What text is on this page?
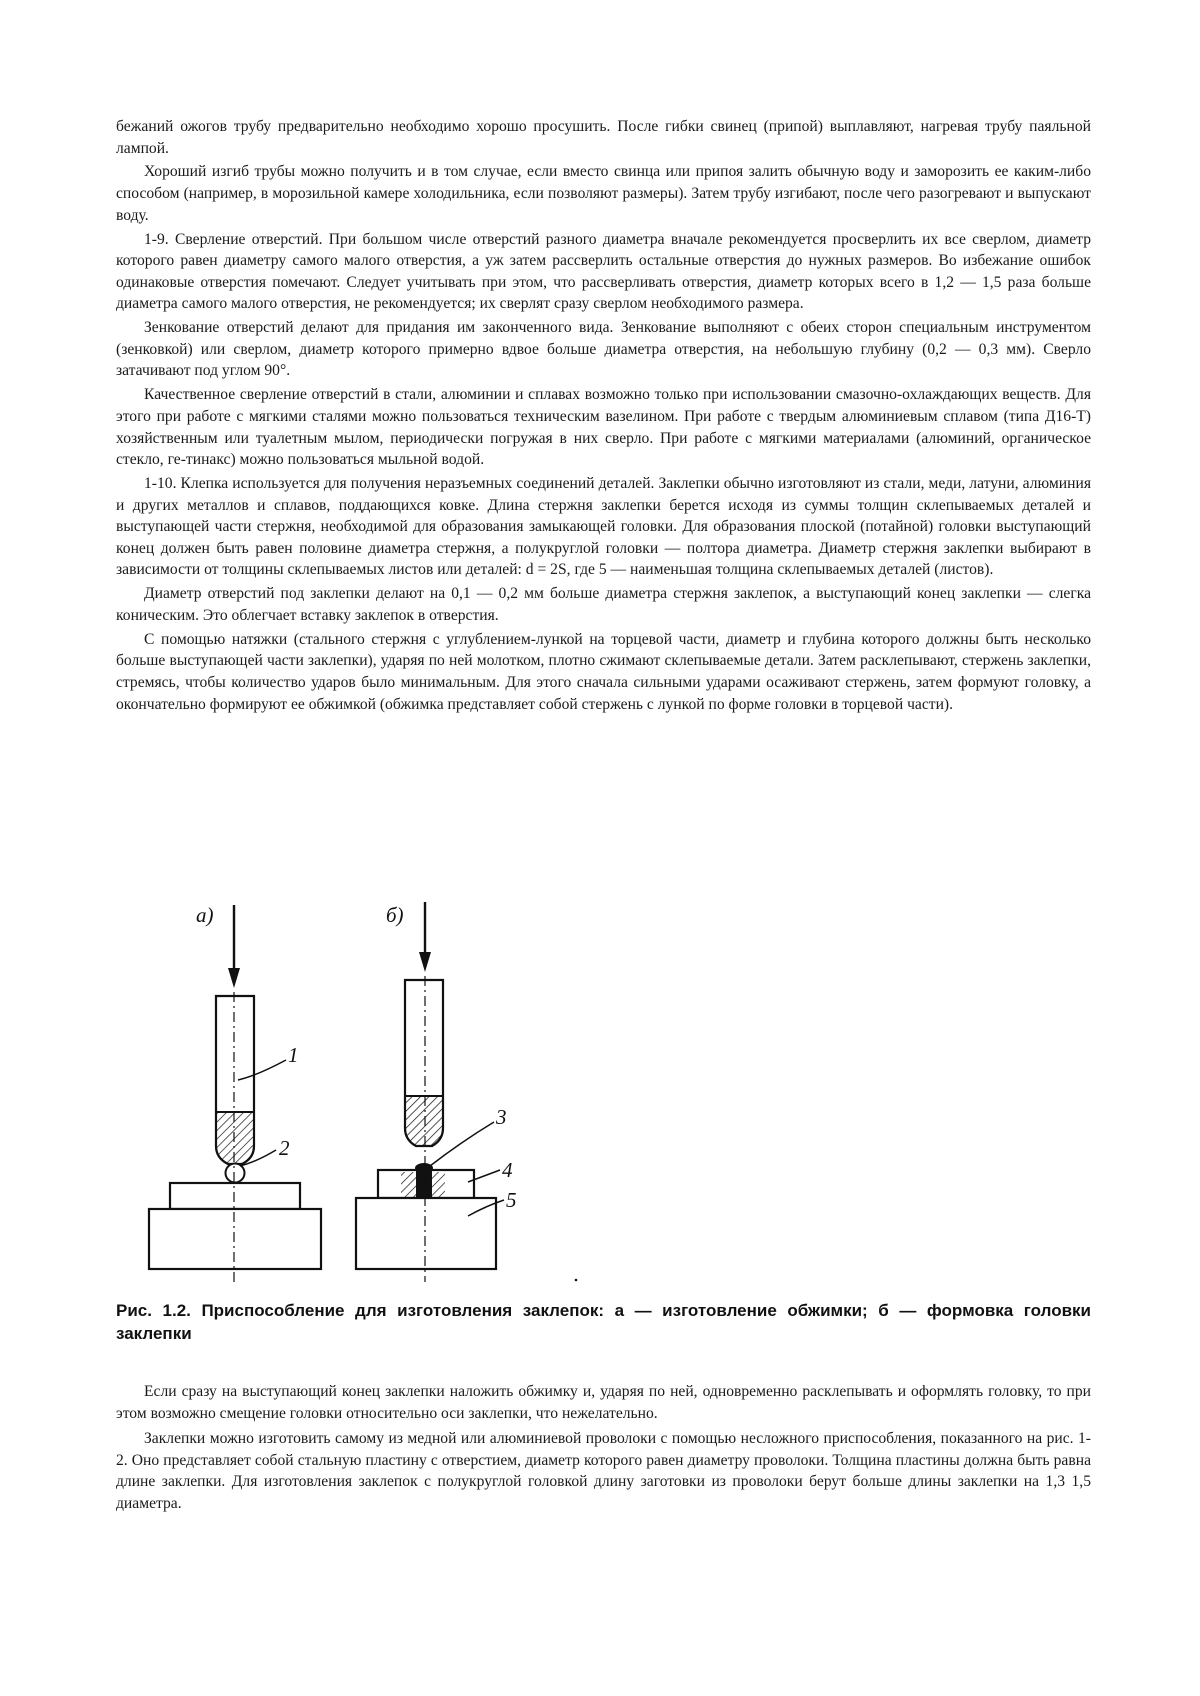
бежаний ожогов трубу предварительно необходимо хорошо просушить. После гибки свинец (припой) выплавляют, нагревая трубу паяльной лампой.

Хороший изгиб трубы можно получить и в том случае, если вместо свинца или припоя залить обычную воду и заморозить ее каким-либо способом (например, в морозильной камере холодильника, если позволяют размеры). Затем трубу изгибают, после чего разогревают и выпускают воду.

1-9. Сверление отверстий. При большом числе отверстий разного диаметра вначале рекомендуется просверлить их все сверлом, диаметр которого равен диаметру самого малого отверстия, а уж затем рассверлить остальные отверстия до нужных размеров. Во избежание ошибок одинаковые отверстия помечают. Следует учитывать при этом, что рассверливать отверстия, диаметр которых всего в 1,2 — 1,5 раза больше диаметра самого малого отверстия, не рекомендуется; их сверлят сразу сверлом необходимого размера.

Зенкование отверстий делают для придания им законченного вида. Зенкование выполняют с обеих сторон специальным инструментом (зенковкой) или сверлом, диаметр которого примерно вдвое больше диаметра отверстия, на небольшую глубину (0,2 — 0,3 мм). Сверло затачивают под углом 90°.

Качественное сверление отверстий в стали, алюминии и сплавах возможно только при использовании смазочно-охлаждающих веществ. Для этого при работе с мягкими сталями можно пользоваться техническим вазелином. При работе с твердым алюминиевым сплавом (типа Д16-Т) хозяйственным или туалетным мылом, периодически погружая в них сверло. При работе с мягкими материалами (алюминий, органическое стекло, ге-тинакс) можно пользоваться мыльной водой.

1-10. Клепка используется для получения неразъемных соединений деталей. Заклепки обычно изготовляют из стали, меди, латуни, алюминия и других металлов и сплавов, поддающихся ковке. Длина стержня заклепки берется исходя из суммы толщин склепываемых деталей и выступающей части стержня, необходимой для образования замыкающей головки. Для образования плоской (потайной) головки выступающий конец должен быть равен половине диаметра стержня, а полукруглой головки — полтора диаметра. Диаметр стержня заклепки выбирают в зависимости от толщины склепываемых листов или деталей: d = 2S, где 5 — наименьшая толщина склепываемых деталей (листов).

Диаметр отверстий под заклепки делают на 0,1 — 0,2 мм больше диаметра стержня заклепок, а выступающий конец заклепки — слегка коническим. Это облегчает вставку заклепок в отверстия.

С помощью натяжки (стального стержня с углублением-лункой на торцевой части, диаметр и глубина которого должны быть несколько больше выступающей части заклепки), ударяя по ней молотком, плотно сжимают склепываемые детали. Затем расклепывают, стержень заклепки, стремясь, чтобы количество ударов было минимальным. Для этого сначала сильными ударами осаживают стержень, затем формуют головку, а окончательно формируют ее обжимкой (обжимка представляет собой стержень с лункой по форме головки в торцевой части).

а)
1
2
б)
3
4
5
Рис. 1.2. Приспособление для изготовления заклепок: а — изготовление обжимки; б — формовка головки заклепки

Если сразу на выступающий конец заклепки наложить обжимку и, ударяя по ней, одновременно расклепывать и оформлять головку, то при этом возможно смещение головки относительно оси заклепки, что нежелательно.

Заклепки можно изготовить самому из медной или алюминиевой проволоки с помощью несложного приспособления, показанного на рис. 1-2. Оно представляет собой стальную пластину с отверстием, диаметр которого равен диаметру проволоки. Толщина пластины должна быть равна длине заклепки. Для изготовления заклепок с полукруглой головкой длину заготовки из проволоки берут больше длины заклепки на 1,3 1,5 диаметра.
